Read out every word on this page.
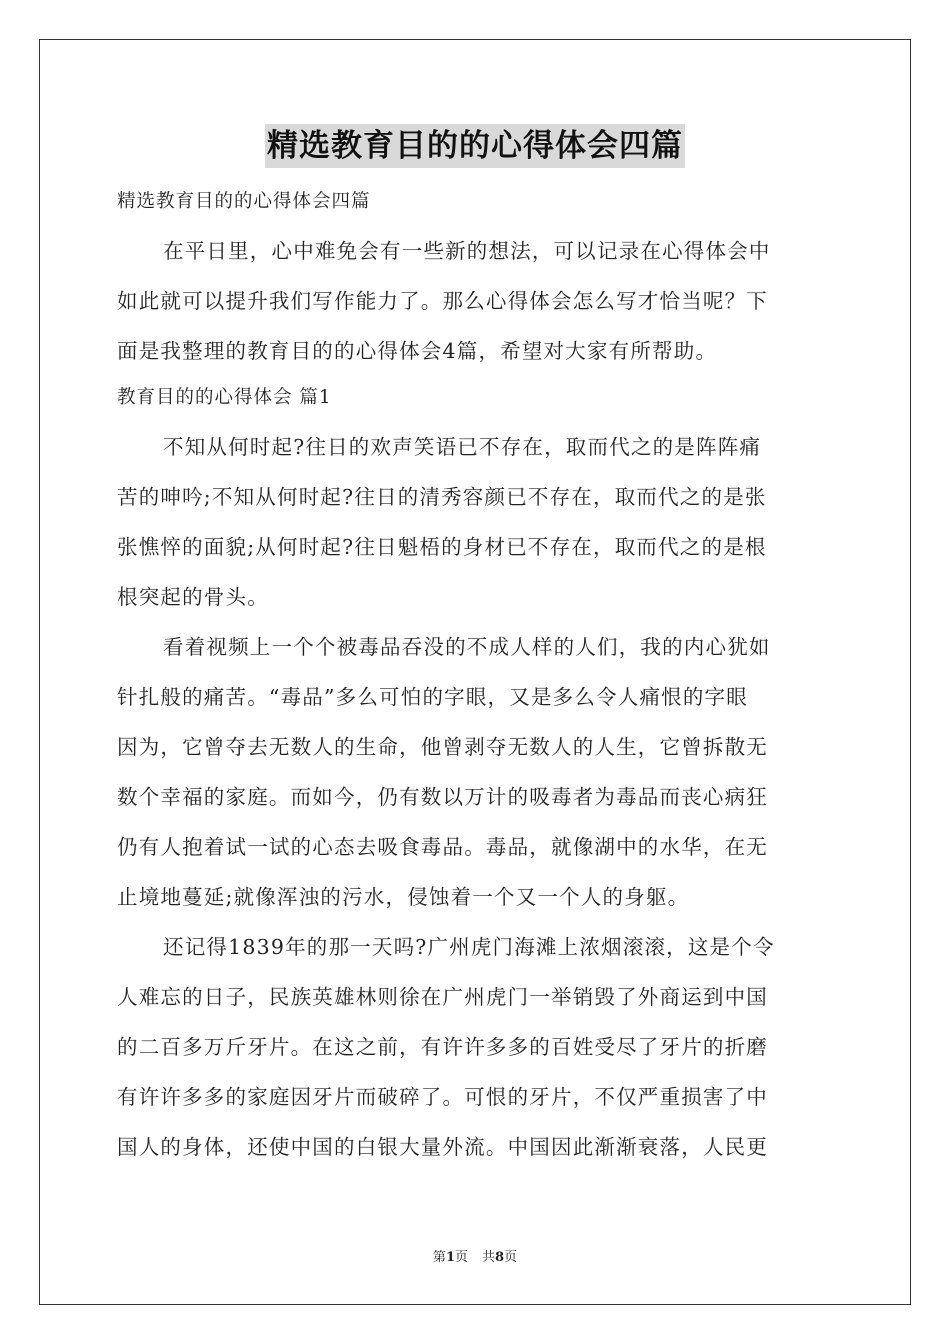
精选教育目的的心得体会四篇
精选教育目的的心得体会四篇
在平日里，心中难免会有一些新的想法，可以记录在心得体会中
如此就可以提升我们写作能力了。那么心得体会怎么写才恰当呢？下
面是我整理的教育目的的心得体会4篇，希望对大家有所帮助。
教育目的的心得体会 篇1
不知从何时起?往日的欢声笑语已不存在，取而代之的是阵阵痛
苦的呻吟;不知从何时起?往日的清秀容颜已不存在，取而代之的是张
张憔悴的面貌;从何时起?往日魁梧的身材已不存在，取而代之的是根
根突起的骨头。
看着视频上一个个被毒品吞没的不成人样的人们，我的内心犹如
针扎般的痛苦。“毒品”多么可怕的字眼，又是多么令人痛恨的字眼
因为，它曾夺去无数人的生命，他曾剥夺无数人的人生，它曾拆散无
数个幸福的家庭。而如今，仍有数以万计的吸毒者为毒品而丧心病狂
仍有人抱着试一试的心态去吸食毒品。毒品，就像湖中的水华，在无
止境地蔓延;就像浑浊的污水，侵蚀着一个又一个人的身躯。
还记得1839年的那一天吗?广州虎门海滩上浓烟滚滚，这是个令
人难忘的日子，民族英雄林则徐在广州虎门一举销毁了外商运到中国
的二百多万斤牙片。在这之前，有许许多多的百姓受尽了牙片的折磨
有许许多多的家庭因牙片而破碎了。可恨的牙片，不仅严重损害了中
国人的身体，还使中国的白银大量外流。中国因此渐渐衰落，人民更
第1页 共8页
